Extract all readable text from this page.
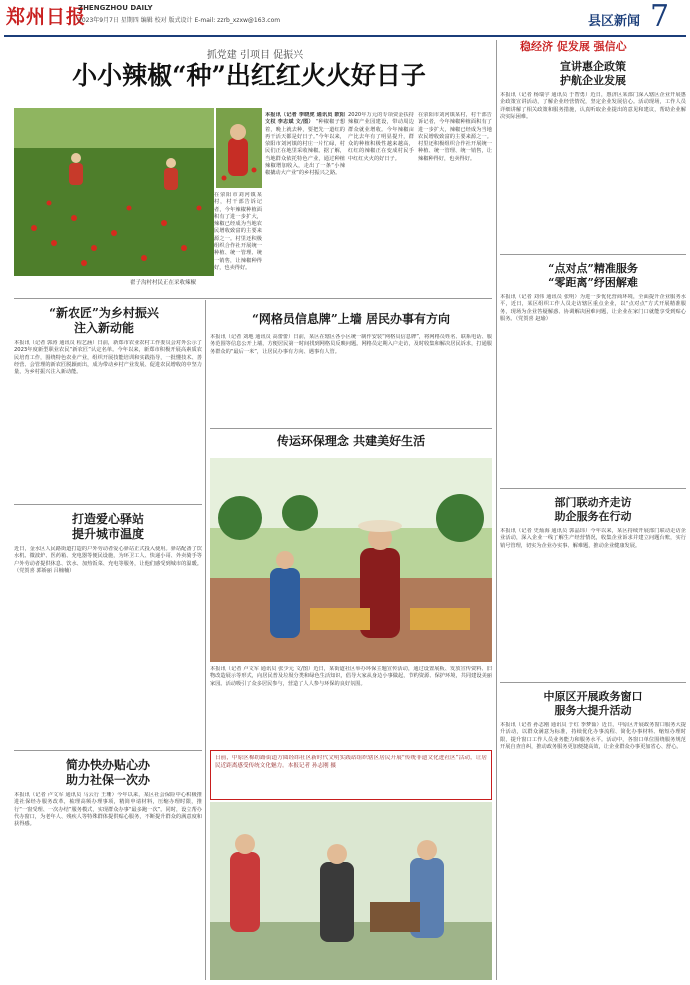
郑州日报
ZHENGZHOU DAILY
2023年9月7日 星期四 编辑 校对 版式设计 E-mail: zzrb_xzxw@163.com	县区新闻 7
抓党建 引项目 促振兴
小小辣椒“种”出红红火火好日子
翟子沟村村民正在采收辣椒
本报讯（记者 李晓虎 通讯员 欧阳文权 李志斌 文/图） “种椒椒子想着，晚上就去种，要把先一道红的再干活天都是好日子。”今年以来，荥阳市刘河镇的村庄一片忙碌，村民们正在地里采收辣椒。据了解，当地群众依托特色产业，通过种植辣椒增加收入，走出了一条“小辣椒撬动大产业”的乡村振兴之路。
在荥阳市刘河镇某村，村干部告诉记者，今年辣椒种植面积有了进一步扩大，辣椒已经成为当地农民增收致富的主要来源之一。村里还积极组织合作社开展统一种植、统一管理、统一销售，让辣椒种得好，也卖得好。
2020年万元的专项资金扶持辣椒产业园建设，带动周边群众就业增收。今年辣椒亩产比去年有了明显提升，群众的种植积极性越来越高，红红的辣椒正在变成村民手中红红火火的好日子。
在荥阳市刘河镇某村，村干部告诉记者，今年辣椒种植面积有了进一步扩大，辣椒已经成为当地农民增收致富的主要来源之一。村里还积极组织合作社开展统一种植、统一管理、统一销售，让辣椒种得好，也卖得好。
稳经济 促发展 强信心
宣讲惠企政策
护航企业发展
本报讯（记者 杨瑞宇 通讯员 于智勇）近日，惠济区某部门深入辖区企业开展惠企政策宣讲活动，了解企业经营情况，坚定企业发展信心。活动现场，工作人员详细讲解了相关政策和服务措施，认真听取企业提出的意见和建议，帮助企业解决实际困难。
“点对点”精准服务
“零距离”纾困解难
本报讯（记者 刘伟 通讯员 张明）为进一步优化营商环境，全面提升企业服务水平，近日，某区组织工作人员走访辖区重点企业，以“点对点”方式开展精准服务，现场为企业答疑解惑、协调解决困难问题，让企业在家门口就能享受到贴心服务。（党贺喜 赵瑜）
部门联动齐走访
助企服务在行动
本报讯（记者 史灿海 通讯员 郭晶玮）今年以来，某区持续开展部门联动走访企业活动，深入企业一线了解生产经营情况，收集企业诉求并建立问题台账，实行销号管理，切实为企业办实事、解难题，推动企业健康发展。
中原区开展政务窗口
服务大提升活动
本报讯（记者 孙志刚 通讯员 于红 季梦茹）近日，中原区开展政务窗口服务大提升活动，以群众满意为标准，持续优化办事流程、简化办事材料、缩短办理时限，提升窗口工作人员业务能力和服务水平。活动中，各窗口单位围绕服务规范开展自查自纠，推动政务服务更加便捷高效，让企业群众办事更加省心、舒心。
“新农匠”为乡村振兴
注入新动能
本报讯（记者 郭涛 通讯员 程艺涵）日前，新郑市农业农村工作委员会对外公示了2023年度新型职业农民“新农匠”认定名单。今年以来，新郑市积极开展高素质农民培育工作，围绕特色农业产业，组织开展技能培训和实践指导，一批懂技术、善经营、会管理的新农匠脱颖而出，成为带动乡村产业发展、促进农民增收的中坚力量，为乡村振兴注入新动能。
“网格员信息牌”上墙 居民办事有方向
本报讯（记者 刘地 通讯员 高蕾蕾）日前，某区在辖区各小区统一制作安装“网格员信息牌”，将网格员姓名、联系电话、服务范围等信息公开上墙，方便居民第一时间找到网格员反映问题。网格员定期入户走访，及时收集和解决居民诉求，打通服务群众的“最后一米”，让居民办事有方向、遇事有人管。
传运环保理念 共建美好生活
本报讯（记者 卢文军 通讯员 张少元 文/图）近日，某街道社区举办环保主题宣传活动，通过设置展板、发放宣传资料、旧物改造展示等形式，向居民普及垃圾分类和绿色生活知识，倡导大家从身边小事做起，节约资源、保护环境，共同建设美丽家园。活动吸引了众多居民参与，营造了人人参与环保的良好氛围。
日前，中原区棉纺路街道方圆经纬社区新时代文明实践站组织辖区居民开展“传统非遗文化进社区”活动，让居民近距离感受传统文化魅力。本报记者 孙志刚 摄
打造爱心驿站
提升城市温度
近日，金水区人民路街道打造的户外劳动者爱心驿站正式投入使用。驿站配备了饮水机、微波炉、医药箱、充电器等便民设施，为环卫工人、快递小哥、外卖骑手等户外劳动者提供休息、饮水、加热饭菜、充电等服务，让他们感受到城市的温暖。（党贺喜 郭娇丽 吕楠楠）
简办快办贴心办
助力社保一次办
本报讯（记者 卢文军 通讯员 马云行 王珊）今年以来，某区社会保险中心积极推进社保经办服务改革，梳理高频办理事项，精简申请材料，压缩办理时限，推行“一窗受理、一次办结”服务模式，实现群众办事“最多跑一次”。同时，设立帮办代办窗口，为老年人、残疾人等特殊群体提供贴心服务，不断提升群众的满意度和获得感。
